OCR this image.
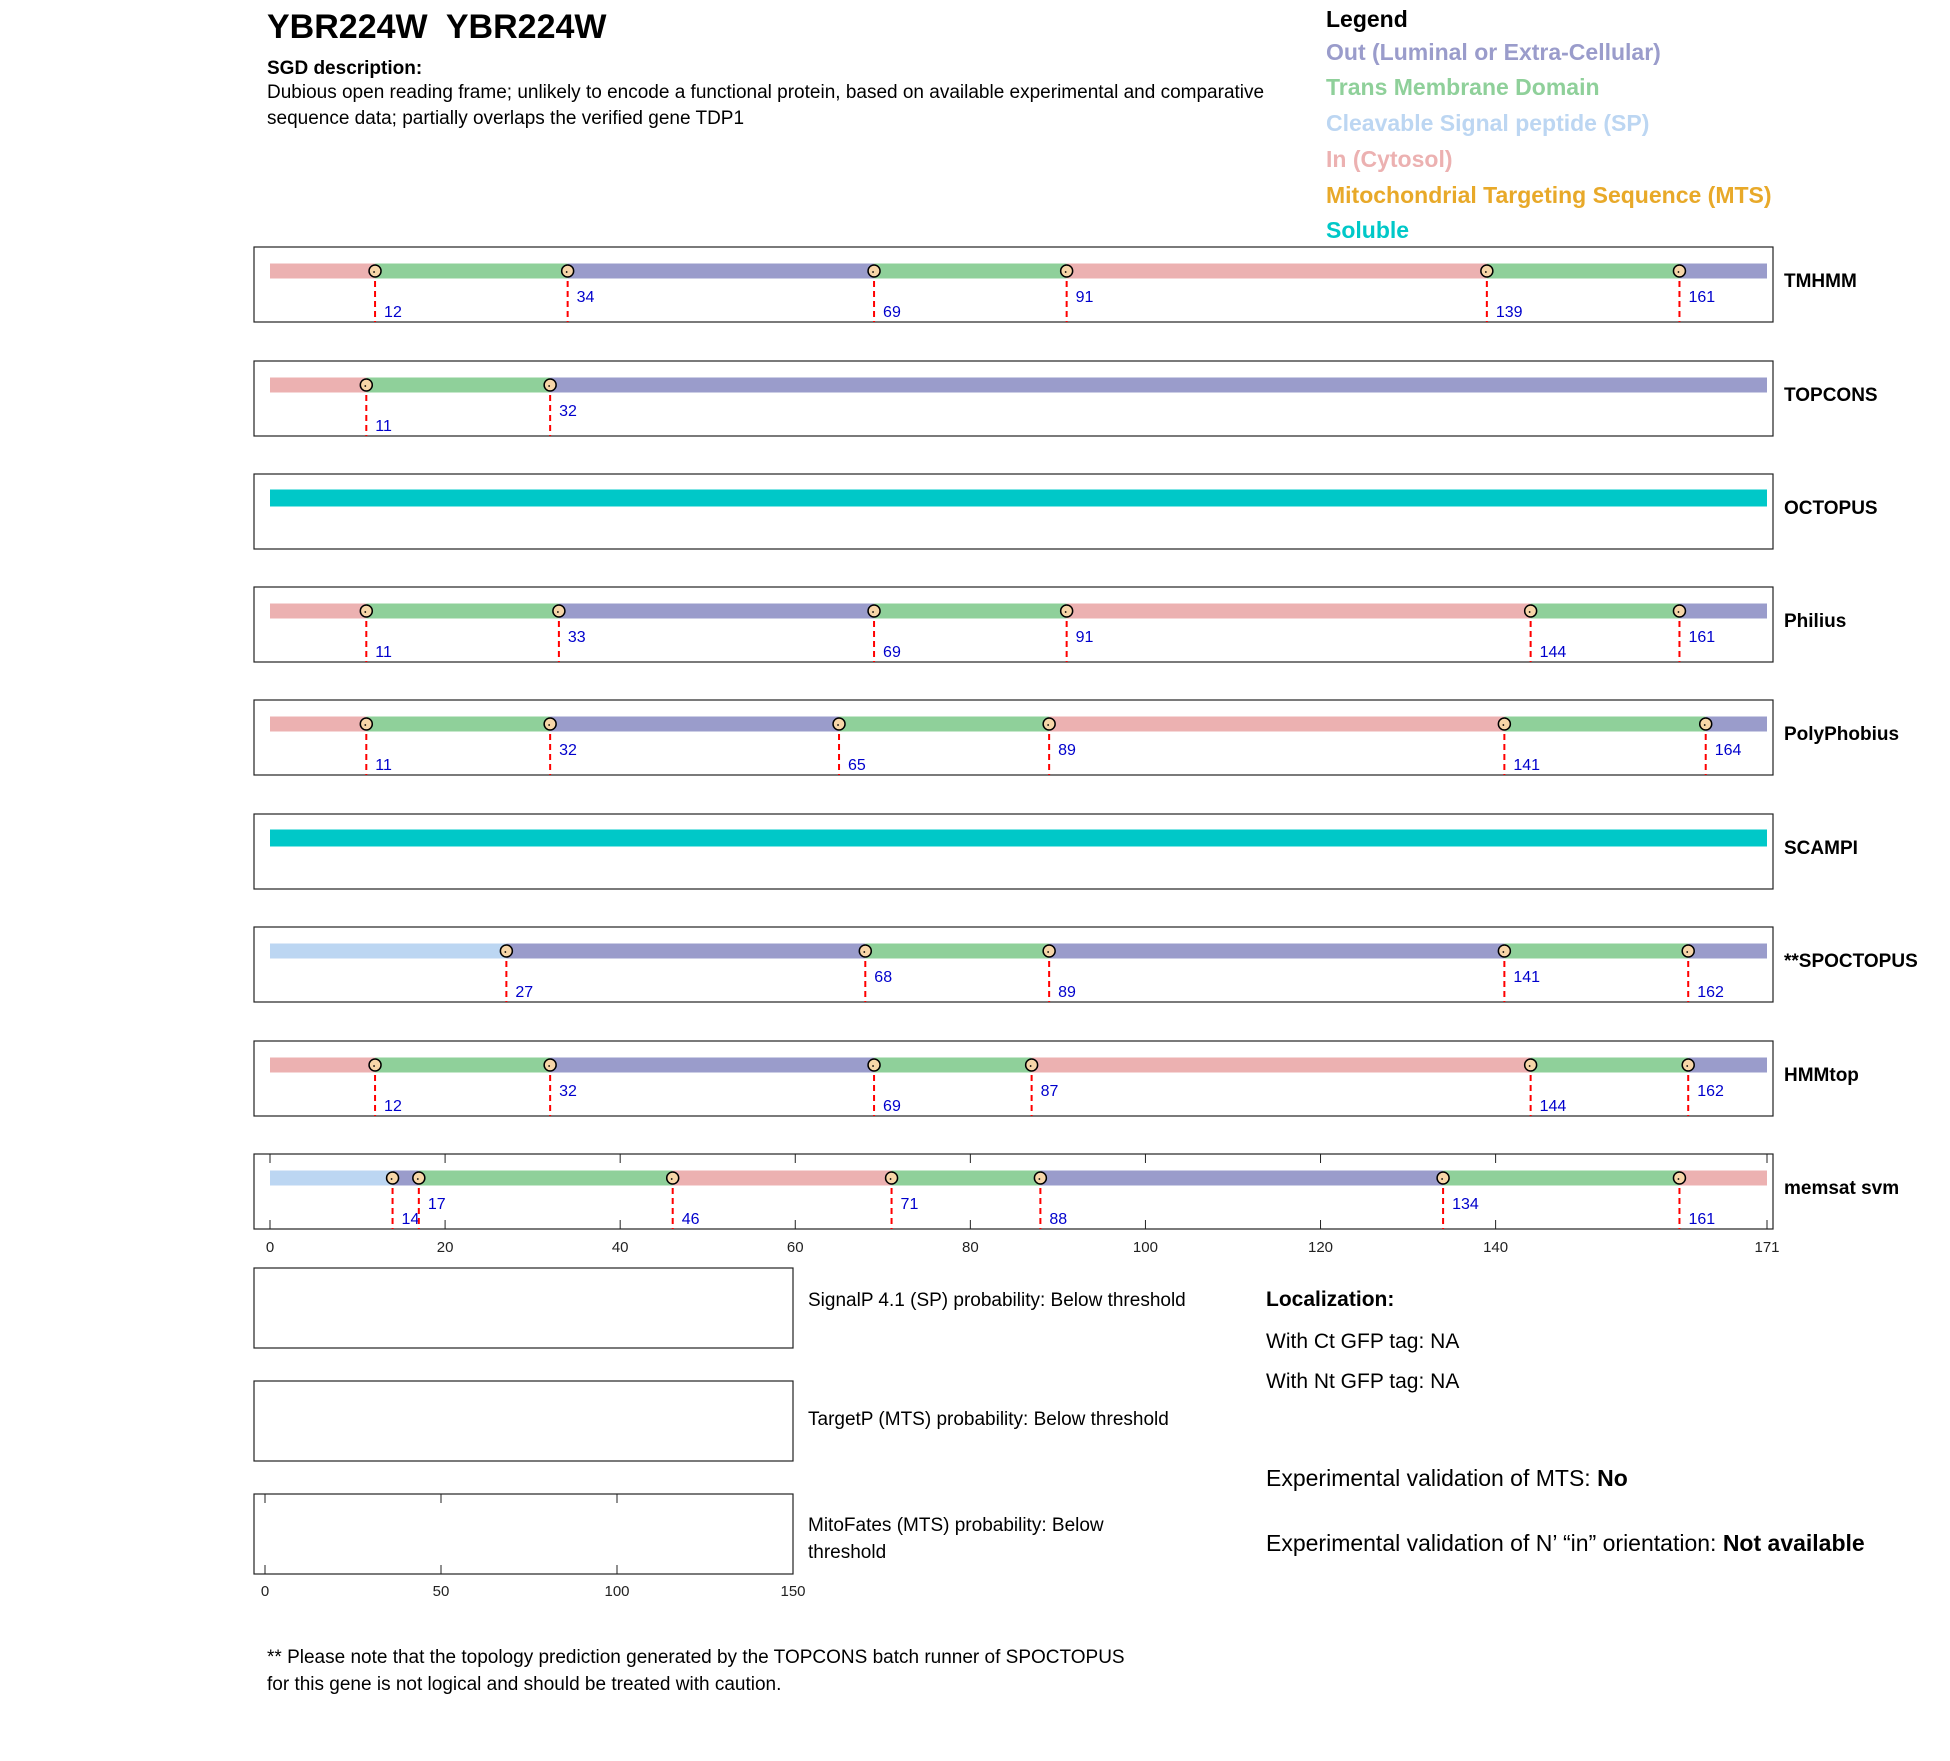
YBR224W  YBR224W
SGD description:
Dubious open reading frame; unlikely to encode a functional protein, based on available experimental and comparative sequence data; partially overlaps the verified gene TDP1
Legend
Out (Luminal or Extra-Cellular)
Trans Membrane Domain
Cleavable Signal peptide (SP)
In (Cytosol)
Mitochondrial Targeting Sequence (MTS)
Soluble
12
34
69
91
139
161
TMHMM
11
32
TOPCONS
OCTOPUS
11
33
69
91
144
161
Philius
11
32
65
89
141
164
PolyPhobius
SCAMPI
27
68
89
141
162
**SPOCTOPUS
12
32
69
87
144
162
HMMtop
14
17
46
71
88
134
161
memsat svm
0	20	40	60	80	100	120	140	171
0	50	100	150
SignalP 4.1 (SP) probability: Below threshold
TargetP (MTS) probability: Below threshold
MitoFates (MTS) probability: Below threshold
Localization:
With Ct GFP tag: NA
With Nt GFP tag: NA
Experimental validation of MTS: No
Experimental validation of N’ “in” orientation: Not available
** Please note that the topology prediction generated by the TOPCONS batch runner of SPOCTOPUS for this gene is not logical and should be treated with caution.
